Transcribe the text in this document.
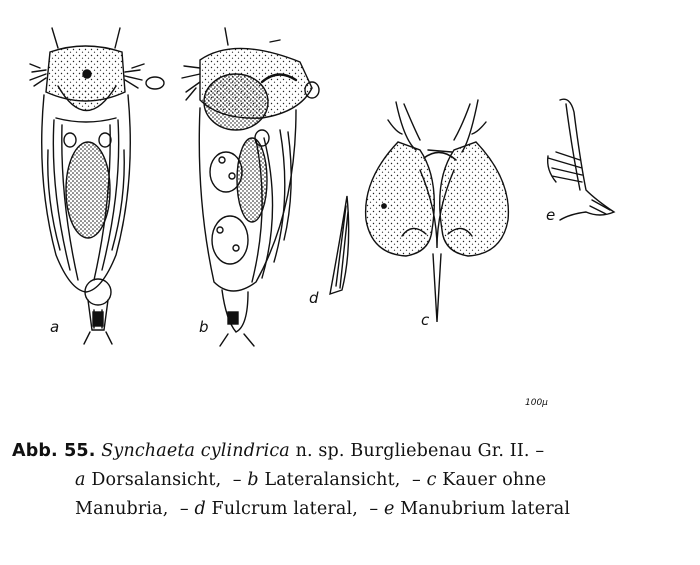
a	b
d
c
e
100μ
Abb. 55. Synchaeta cylindrica n. sp. Burgliebenau Gr. II. –
a Dorsalansicht, – b Lateralansicht, – c Kauer ohne
Manubria, – d Fulcrum lateral, – e Manubrium lateral
